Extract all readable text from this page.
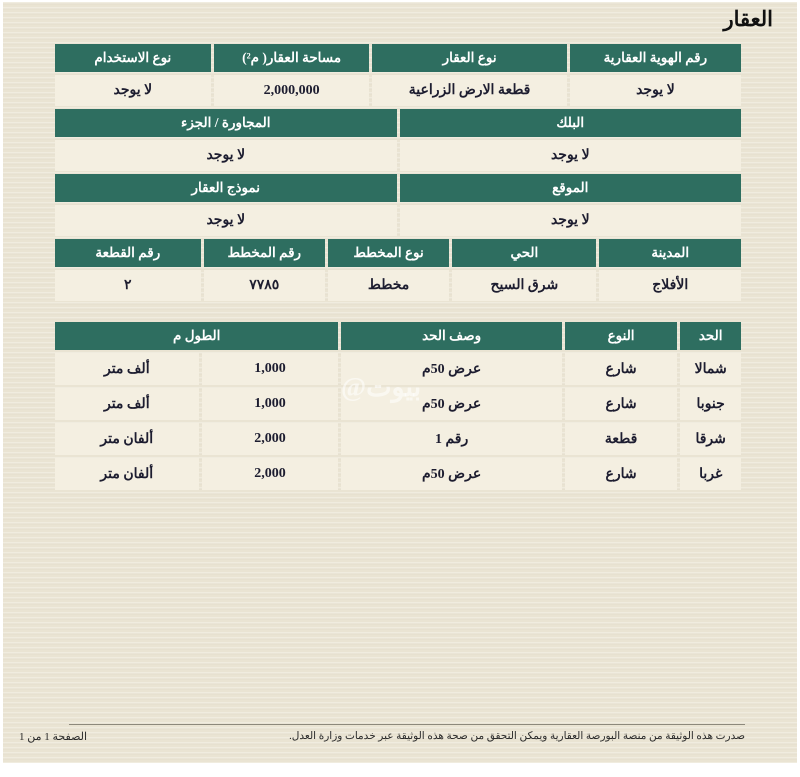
العقار
رقم الهوية العقارية
نوع العقار
مساحة العقار( م²)
نوع الاستخدام
لا يوجد
قطعة الارض الزراعية
2,000,000
لا يوجد
البلك
المجاورة / الجزء
لا يوجد
لا يوجد
الموقع
نموذج العقار
لا يوجد
لا يوجد
المدينة
الحي
نوع المخطط
رقم المخطط
رقم القطعة
الأفلاج
شرق السيح
مخطط
٧٧٨٥
٢
الحد
النوع
وصف الحد
الطول م
شمالا
شارع
عرض 50م
1,000
ألف متر
جنوبا
شارع
عرض 50م
1,000
ألف متر
شرقا
قطعة
رقم 1
2,000
ألفان متر
غربا
شارع
عرض 50م
2,000
ألفان متر
بيوت@
صدرت هذه الوثيقة من منصة البورصة العقارية ويمكن التحقق من صحة هذه الوثيقة عبر خدمات وزارة العدل.
الصفحة 1 من 1
